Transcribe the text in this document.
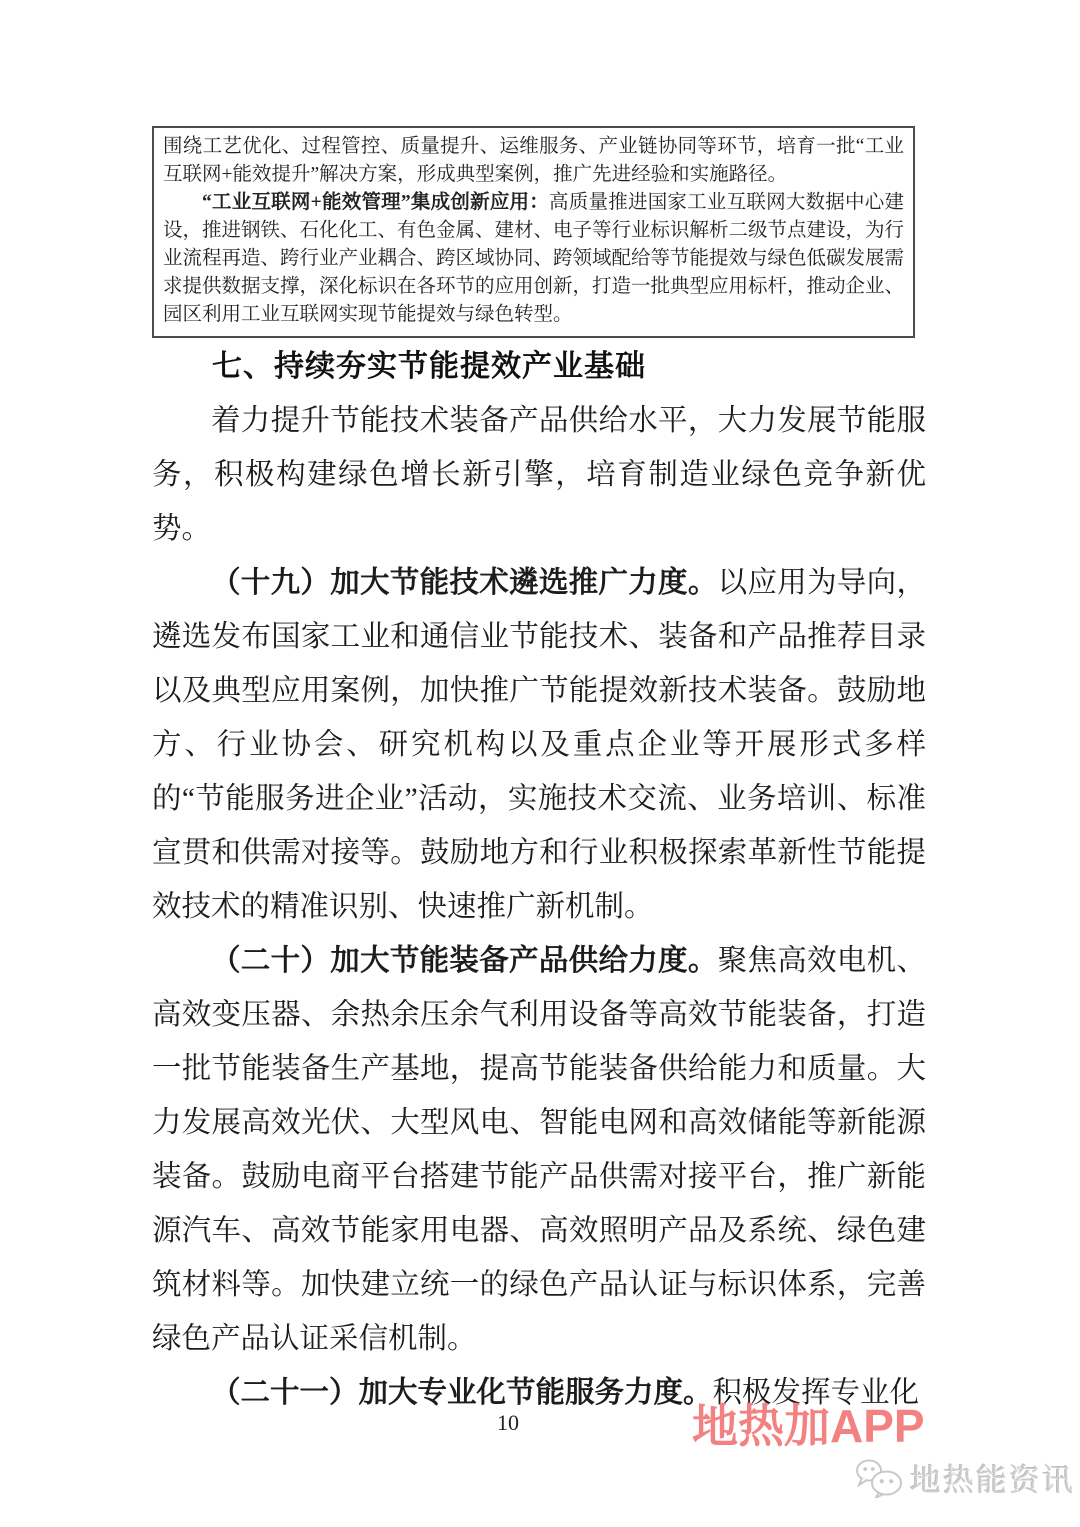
围绕工艺优化、过程管控、质量提升、运维服务、产业链协同等环节，培育一批“工业互联网+能效提升”解决方案，形成典型案例，推广先进经验和实施路径。

“工业互联网+能效管理”集成创新应用：高质量推进国家工业互联网大数据中心建设，推进钢铁、石化化工、有色金属、建材、电子等行业标识解析二级节点建设，为行业流程再造、跨行业产业耦合、跨区域协同、跨领域配给等节能提效与绿色低碳发展需求提供数据支撑，深化标识在各环节的应用创新，打造一批典型应用标杆，推动企业、园区利用工业互联网实现节能提效与绿色转型。

七、持续夯实节能提效产业基础

着力提升节能技术装备产品供给水平，大力发展节能服务，积极构建绿色增长新引擎，培育制造业绿色竞争新优势。

（十九）加大节能技术遴选推广力度。以应用为导向，遴选发布国家工业和通信业节能技术、装备和产品推荐目录以及典型应用案例，加快推广节能提效新技术装备。鼓励地方、行业协会、研究机构以及重点企业等开展形式多样的“节能服务进企业”活动，实施技术交流、业务培训、标准宣贯和供需对接等。鼓励地方和行业积极探索革新性节能提效技术的精准识别、快速推广新机制。

（二十）加大节能装备产品供给力度。聚焦高效电机、高效变压器、余热余压余气利用设备等高效节能装备，打造一批节能装备生产基地，提高节能装备供给能力和质量。大力发展高效光伏、大型风电、智能电网和高效储能等新能源装备。鼓励电商平台搭建节能产品供需对接平台，推广新能源汽车、高效节能家用电器、高效照明产品及系统、绿色建筑材料等。加快建立统一的绿色产品认证与标识体系，完善绿色产品认证采信机制。

（二十一）加大专业化节能服务力度。积极发挥专业化

10	地热加APP
地热能资讯
